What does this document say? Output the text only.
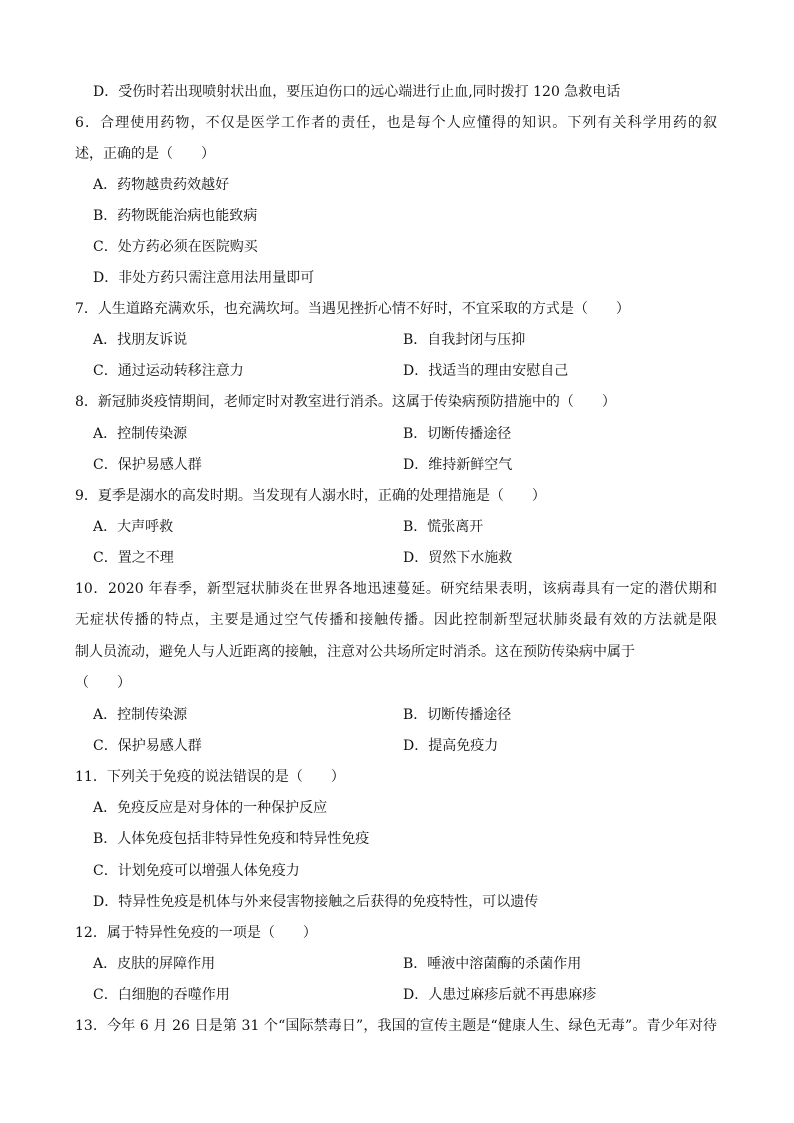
D．受伤时若出现喷射状出血，要压迫伤口的远心端进行止血,同时拨打 120 急救电话
6．合理使用药物，不仅是医学工作者的责任，也是每个人应懂得的知识。下列有关科学用药的叙
述，正确的是（　　）
A．药物越贵药效越好
B．药物既能治病也能致病
C．处方药必须在医院购买
D．非处方药只需注意用法用量即可
7．人生道路充满欢乐，也充满坎坷。当遇见挫折心情不好时，不宜采取的方式是（　　）
A．找朋友诉说	B．自我封闭与压抑
C．通过运动转移注意力	D．找适当的理由安慰自己
8．新冠肺炎疫情期间，老师定时对教室进行消杀。这属于传染病预防措施中的（　　）
A．控制传染源	B．切断传播途径
C．保护易感人群	D．维持新鲜空气
9．夏季是溺水的高发时期。当发现有人溺水时，正确的处理措施是（　　）
A．大声呼救	B．慌张离开
C．置之不理	D．贸然下水施救
10．2020 年春季，新型冠状肺炎在世界各地迅速蔓延。研究结果表明，该病毒具有一定的潜伏期和
无症状传播的特点，主要是通过空气传播和接触传播。因此控制新型冠状肺炎最有效的方法就是限
制人员流动，避免人与人近距离的接触，注意对公共场所定时消杀。这在预防传染病中属于
（　　）
A．控制传染源	B．切断传播途径
C．保护易感人群	D．提高免疫力
11．下列关于免疫的说法错误的是（　　）
A．免疫反应是对身体的一种保护反应
B．人体免疫包括非特异性免疫和特异性免疫
C．计划免疫可以增强人体免疫力
D．特异性免疫是机体与外来侵害物接触之后获得的免疫特性，可以遗传
12．属于特异性免疫的一项是（　　）
A．皮肤的屏障作用	B．唾液中溶菌酶的杀菌作用
C．白细胞的吞噬作用	D．人患过麻疹后就不再患麻疹
13．今年 6 月 26 日是第 31 个“国际禁毒日”，我国的宣传主题是“健康人生、绿色无毒”。青少年对待
